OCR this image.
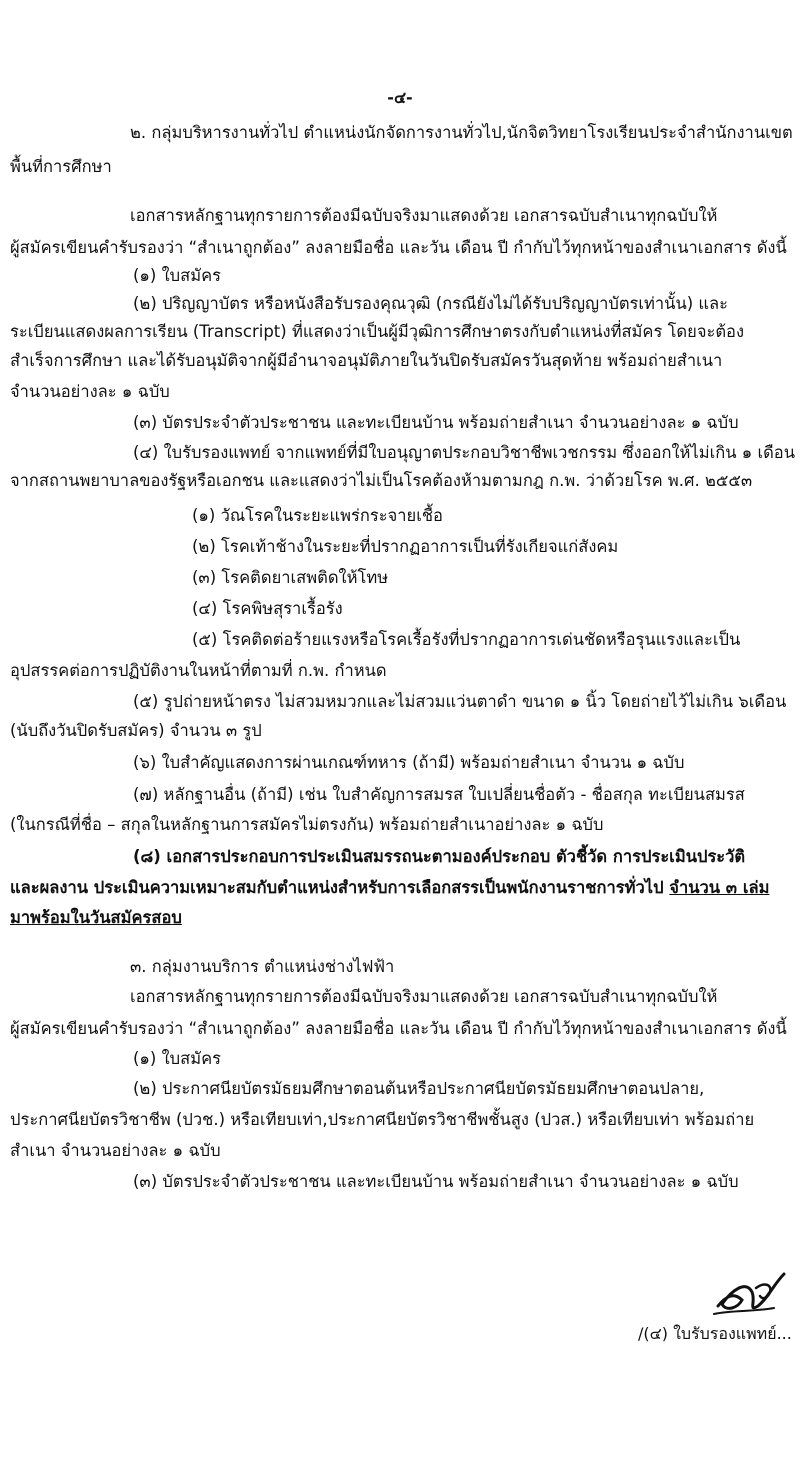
-๔-
๒. กลุ่มบริหารงานทั่วไป ตำแหน่งนักจัดการงานทั่วไป,นักจิตวิทยาโรงเรียนประจำสำนักงานเขต
พื้นที่การศึกษา
เอกสารหลักฐานทุกรายการต้องมีฉบับจริงมาแสดงด้วย เอกสารฉบับสำเนาทุกฉบับให้
ผู้สมัครเขียนคำรับรองว่า “สำเนาถูกต้อง” ลงลายมือชื่อ และวัน เดือน ปี กำกับไว้ทุกหน้าของสำเนาเอกสาร ดังนี้
(๑) ใบสมัคร
(๒) ปริญญาบัตร หรือหนังสือรับรองคุณวุฒิ (กรณียังไม่ได้รับปริญญาบัตรเท่านั้น) และ
ระเบียนแสดงผลการเรียน (Transcript) ที่แสดงว่าเป็นผู้มีวุฒิการศึกษาตรงกับตำแหน่งที่สมัคร โดยจะต้อง
สำเร็จการศึกษา และได้รับอนุมัติจากผู้มีอำนาจอนุมัติภายในวันปิดรับสมัครวันสุดท้าย พร้อมถ่ายสำเนา
จำนวนอย่างละ ๑ ฉบับ
(๓) บัตรประจำตัวประชาชน และทะเบียนบ้าน พร้อมถ่ายสำเนา จำนวนอย่างละ ๑ ฉบับ
(๔) ใบรับรองแพทย์ จากแพทย์ที่มีใบอนุญาตประกอบวิชาชีพเวชกรรม ซึ่งออกให้ไม่เกิน ๑ เดือน
จากสถานพยาบาลของรัฐหรือเอกชน และแสดงว่าไม่เป็นโรคต้องห้ามตามกฎ ก.พ. ว่าด้วยโรค พ.ศ. ๒๕๕๓
(๑) วัณโรคในระยะแพร่กระจายเชื้อ
(๒) โรคเท้าช้างในระยะที่ปรากฏอาการเป็นที่รังเกียจแก่สังคม
(๓) โรคติดยาเสพติดให้โทษ
(๔) โรคพิษสุราเรื้อรัง
(๕) โรคติดต่อร้ายแรงหรือโรคเรื้อรังที่ปรากฏอาการเด่นชัดหรือรุนแรงและเป็น
อุปสรรคต่อการปฏิบัติงานในหน้าที่ตามที่ ก.พ. กำหนด
(๕) รูปถ่ายหน้าตรง ไม่สวมหมวกและไม่สวมแว่นตาดำ ขนาด ๑ นิ้ว โดยถ่ายไว้ไม่เกิน ๖เดือน
(นับถึงวันปิดรับสมัคร) จำนวน ๓ รูป
(๖) ใบสำคัญแสดงการผ่านเกณฑ์ทหาร (ถ้ามี) พร้อมถ่ายสำเนา จำนวน ๑ ฉบับ
(๗) หลักฐานอื่น (ถ้ามี) เช่น ใบสำคัญการสมรส ใบเปลี่ยนชื่อตัว - ชื่อสกุล ทะเบียนสมรส
(ในกรณีที่ชื่อ – สกุลในหลักฐานการสมัครไม่ตรงกัน) พร้อมถ่ายสำเนาอย่างละ ๑ ฉบับ
(๘) เอกสารประกอบการประเมินสมรรถนะตามองค์ประกอบ ตัวชี้วัด การประเมินประวัติ
และผลงาน ประเมินความเหมาะสมกับตำแหน่งสำหรับการเลือกสรรเป็นพนักงานราชการทั่วไป จำนวน ๓ เล่ม
มาพร้อมในวันสมัครสอบ
๓. กลุ่มงานบริการ ตำแหน่งช่างไฟฟ้า
เอกสารหลักฐานทุกรายการต้องมีฉบับจริงมาแสดงด้วย เอกสารฉบับสำเนาทุกฉบับให้
ผู้สมัครเขียนคำรับรองว่า “สำเนาถูกต้อง” ลงลายมือชื่อ และวัน เดือน ปี กำกับไว้ทุกหน้าของสำเนาเอกสาร ดังนี้
(๑) ใบสมัคร
(๒) ประกาศนียบัตรมัธยมศึกษาตอนต้นหรือประกาศนียบัตรมัธยมศึกษาตอนปลาย,
ประกาศนียบัตรวิชาชีพ (ปวช.) หรือเทียบเท่า,ประกาศนียบัตรวิชาชีพชั้นสูง (ปวส.) หรือเทียบเท่า พร้อมถ่าย
สำเนา จำนวนอย่างละ ๑ ฉบับ
(๓) บัตรประจำตัวประชาชน และทะเบียนบ้าน พร้อมถ่ายสำเนา จำนวนอย่างละ ๑ ฉบับ
/(๔) ใบรับรองแพทย์...
